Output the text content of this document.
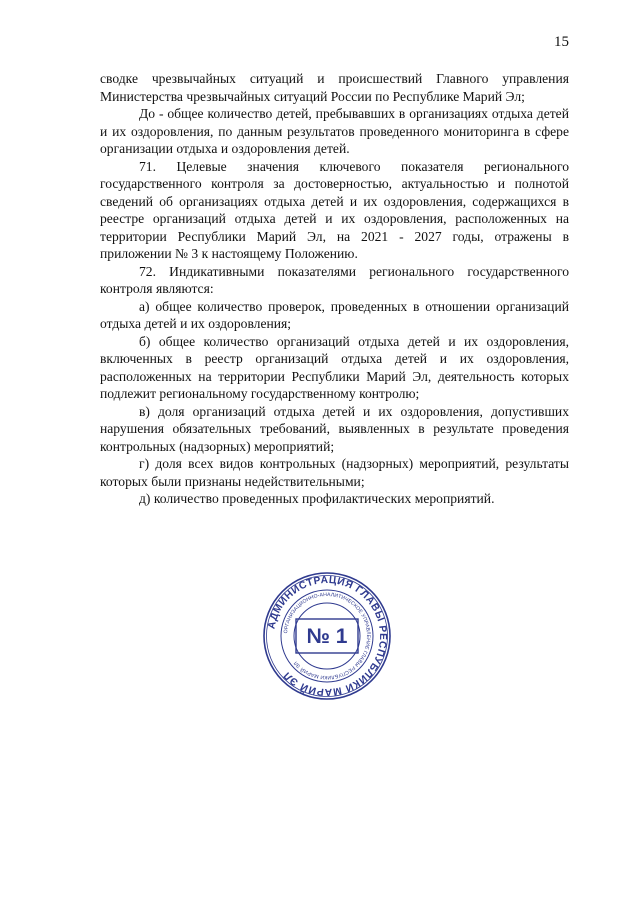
15

сводке чрезвычайных ситуаций и происшествий Главного управления Министерства чрезвычайных ситуаций России по Республике Марий Эл;

До - общее количество детей, пребывавших в организациях отдыха детей и их оздоровления, по данным результатов проведенного мониторинга в сфере организации отдыха и оздоровления детей.

71. Целевые значения ключевого показателя регионального государственного контроля за достоверностью, актуальностью и полнотой сведений об организациях отдыха детей и их оздоровления, содержащихся в реестре организаций отдыха детей и их оздоровления, расположенных на территории Республики Марий Эл, на 2021 - 2027 годы, отражены в приложении № 3 к настоящему Положению.

72. Индикативными показателями регионального государственного контроля являются:

а) общее количество проверок, проведенных в отношении организаций отдыха детей и их оздоровления;

б) общее количество организаций отдыха детей и их оздоровления, включенных в реестр организаций отдыха детей и их оздоровления, расположенных на территории Республики Марий Эл, деятельность которых подлежит региональному государственному контролю;

в) доля организаций отдыха детей и их оздоровления, допустивших нарушения обязательных требований, выявленных в результате проведения контрольных (надзорных) мероприятий;

г) доля всех видов контрольных (надзорных) мероприятий, результаты которых были признаны недействительными;

д) количество проведенных профилактических мероприятий.

АДМИНИСТРАЦИЯ ГЛАВЫ РЕСПУБЛИКИ МАРИЙ ЭЛ
ОРГАНИЗАЦИОННО-АНАЛИТИЧЕСКОЕ УПРАВЛЕНИЕ ГЛАВЫ РЕСПУБЛИКИ МАРИЙ ЭЛ
№ 1
